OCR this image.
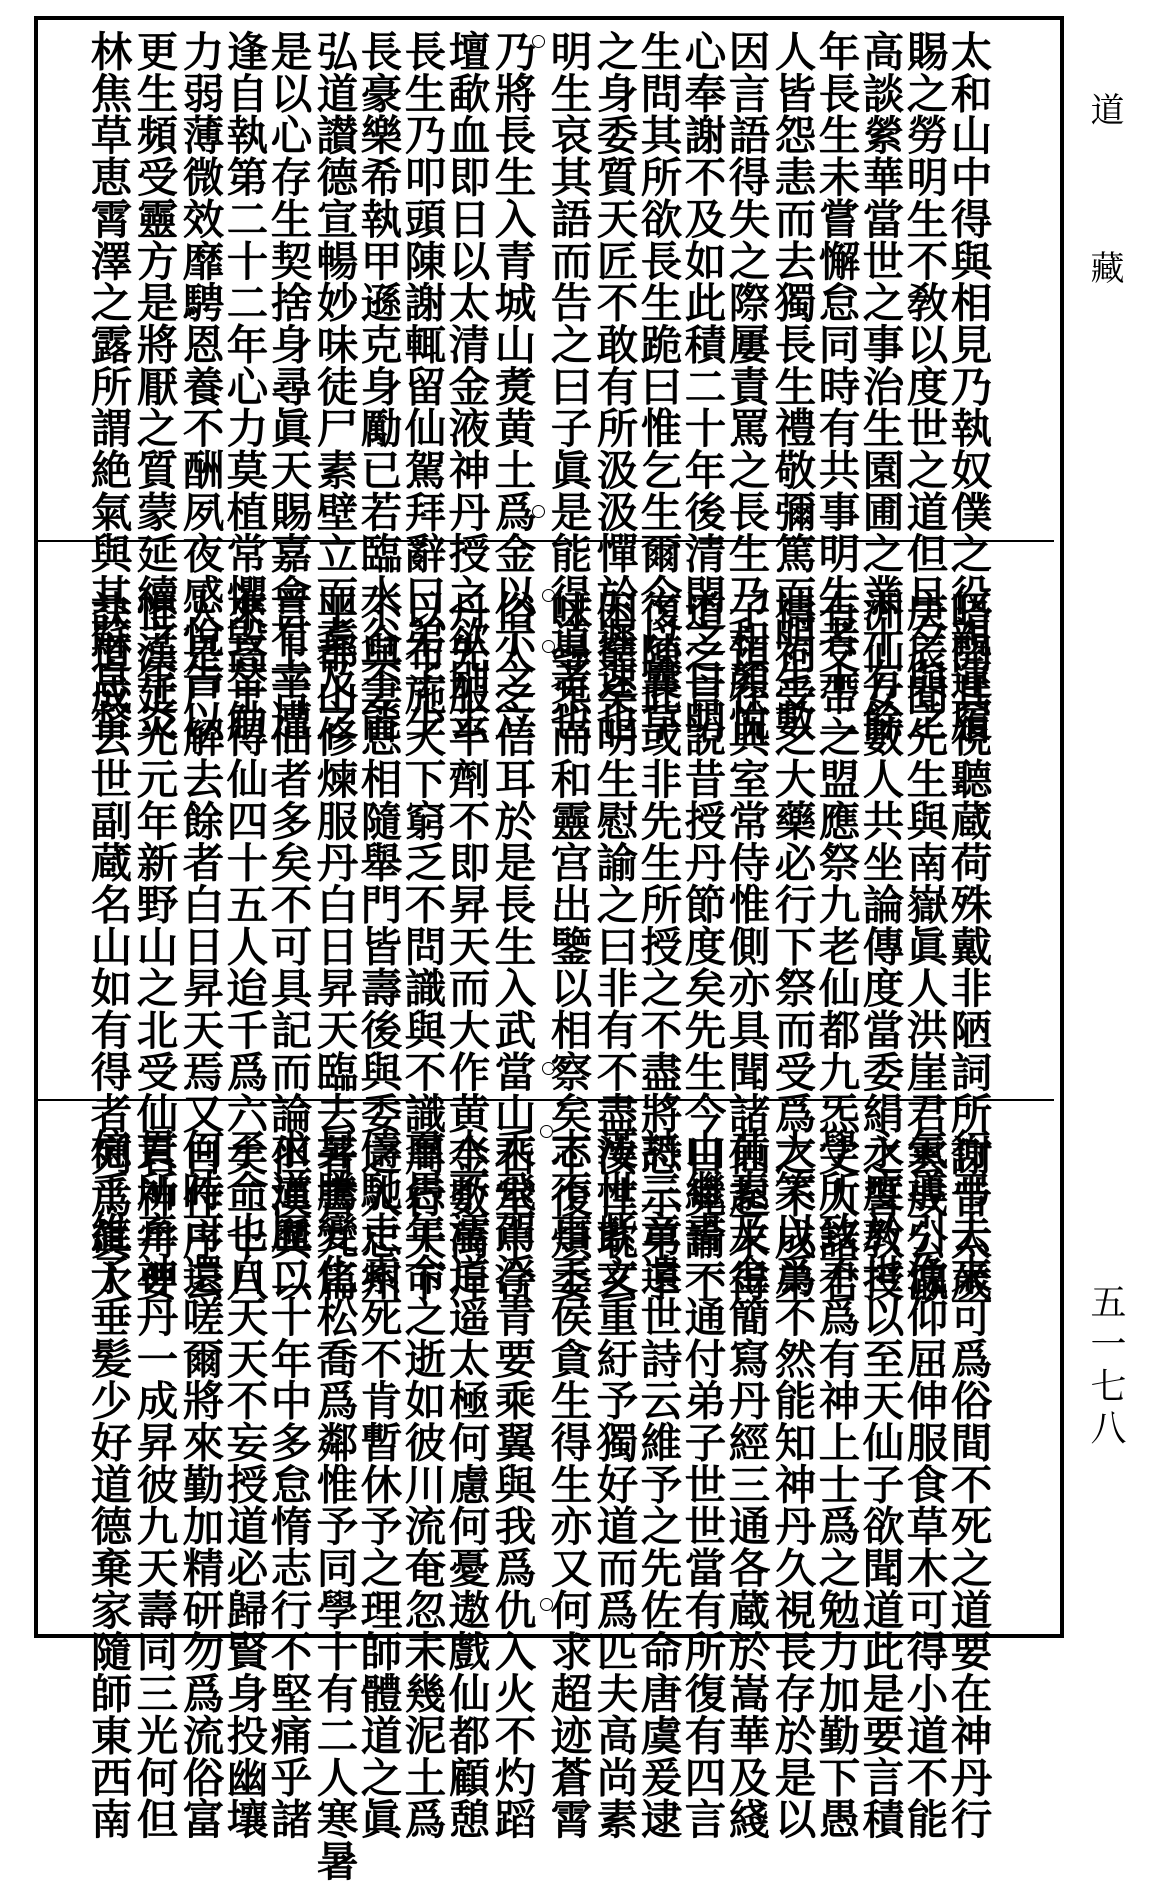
太和山中得與相見乃執奴僕之役親運履
賜之勞明生不敎以度世之道但旦夕與之
高談縈華當世之事治生園圃之業十有餘
年長生未嘗懈怠同時有共事明生者十二
人皆怨恚而去獨長生禮敬彌篤而明生數
因言語得失之際屢責罵之長生乃和顏悅
心奉謝不及如此積二十年後清閑之日明
生問其所欲長生跪曰惟乞生爾令以囊草
之身委質天匠不敢有所汲汲憚於遲速也
明生哀其語而告之曰子眞是能得道者也
乃將長生入青城山煑黄土爲金以示之立
壇歃血即日以太清金液神丹授之欲别去
長生乃叩頭陳謝輒留仙駕拜辭曰弟子少
長豪樂希執甲遜克身勵已若臨水谷不能
弘道讃德宣暢妙味徒尸素壁立而耄及之
是以心存生契捨身尋眞天賜嘉會有幸遭
逢自執第二十二年心力莫植常懼毀替觔
力弱薄微效靡騁恩養不酬夙夜感悅告以
更生頻受靈方是將厭之質蒙延續之年炎
林焦草恵霄澤之露所謂絶氣與其蘇息督
晤開其視聽蔵荷殊戴非陋詞所謝昔太歲
庚辰聞先生與南嶽眞人洪崖君雲成公瀛
洲仙女數人共坐論傳度當委絹之誓教授
有交帶之盟應祭九老仙都九炁丈人諸君
禱祠受之大藥必行下祭而受爲之不成弟
子預在典室常侍惟側亦具聞諸仙起末得
道之言說昔授丹節度矣先生今日見諭不
復陳此或非先生所授之不盡將恐示弟子
困窮矣明生慰諭之曰非有不盡汝性耽玄
味尋炁而和靈宫出鑒以相察矣不復煩委
俗人之信耳於是長生入武當山石室中合
丹先服半劑不即昇天而大作黄金數萬斤
以布施天下窮乏不問識與不識周行天下
不與妻息相隨舉門皆壽後與委之入忠州
平都山修煉服丹白日昇天臨去著書九篇
言上古仙者多矣不可具記而論但漢興以
來高士得仙四十五人迨千爲六矣二十八
人是尸解去餘者白日昇天焉又自作序云
惟漢延光元年新野山之北受仙君神丹要
訣道成去世副蔵名山如有得者列爲眞人
行弔去來可爲俗間不死之道要在神丹行
氣導引俛仰屈伸服食草木可得小道不能
永度於世以至天仙子欲聞道此是要言積
學所致不爲有神上士爲之勉力加勤下愚
大笑以爲不然能知神丹久視長存於是以
黄素及金簡寫丹經三通各蔵於嵩華及綫
山繼書一通付弟子世世當有所復有四言
詩三章遺世詩云維予之先佐命唐虞爰逮
漢世紫文重紆予獨好道而爲匹夫高尚素
志不事王侯貪生得生亦又何求超迹蒼霄
乘飛駕浮青要乘翼與我爲仇入火不灼蹈
水不濡道遥太極何慮何憂遨戲仙都顧憩
羣愚年命之逝如彼川流奄忽未幾泥土爲
儔馳走索死不肯暫休予之理師體道之眞
昇騰變化松喬爲鄰惟予同學十有二人寒暑
求道歷二十年中多怠惰志行不堅痛乎諸
子命也自天天不妄授道必歸賢身投幽壤
何時可還嗟爾將來勤加精研勿爲流俗富
貫所牽神丹一成昇彼九天壽同三光何但
億千維予垂髪少好道德棄家隨師東西南
道
藏
五一七八
